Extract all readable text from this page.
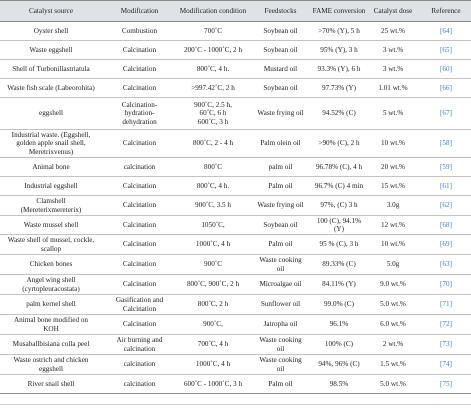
Catalyst source	Modification	Modification condition	Feedstocks	FAME conversion	Catalyst dose	Reference
Oyster shell	Combustion	700˚C	Soybean oil	>70% (Y), 5 h	25 wt.%	[64]
Waste eggshell	Calcination	200˚C - 1000˚C, 2 h	Soybean oil	95% (Y), 3 h	3 wt.%	[65]
Shell of Turbonillastriatula	Calcination	800˚C, 4 h.	Mustard oil	93.3% (Y), 6 h	3 wt.%	[60]
Waste fish scale (Labeorohita)	Calcination	>997.42˚C, 2 h	Soybean oil	97.73% (Y)	1.01 wt.%	[66]
eggshell	Calcination-
hydration-
dehydration	900˚C, 2.5 h,
60˚C, 6 h
600˚C, 3 h	Waste frying oil	94.52% (C)	5 wt.%	[67]
Industrial waste. (Eggshell,
golden apple snail shell,
Meretrixvenus)	Calcination	800˚C, 2 - 4 h	Palm olein oil	>90% (C), 2 h	10 wt.%	[58]
Animal bone	calcination	800˚C	palm oil	96.78% (C), 4 h	20 wt.%	[59]
Industrial eggshell	Calcination	800˚C, 4 h.	Palm oil	96.7% (C) 4 min	15 wt.%	[61]
Clamshell
(Mereterixmereterix)	Calcination	900˚C, 3.5 h	Waste frying oil	97%, (C) 3 h	3.0g	[62]
Waste mussel shell	Calcination	1050˚C,	Soybean oil	100 (C), 94.1% (Y)	12 wt.%	[68]
Waste shell of mussel, cockle,
scallop	Calcination	1000˚C, 4 h	Palm oil	95 % (C), 3 h	10 wt.%	[69]
Chicken bones	Calcination	900˚C	Waste cooking
oil	89.33% (C)	5.0g	[63]
Angel wing shell
(cyrtopleuracostata)	Calcination	800˚C, 900˚C, 2 h	Microalgae oil	84.11% (Y)	9.0 wt.%	[70]
palm kernel shell	Gasification and
Calcination	800˚C, 2 h	Sunflower oil	99.0% (C)	5.0 wt.%	[71]
Animal bone modified on
KOH	Calcination	900˚C,	Jatropha oil	96.1%	6.0 wt.%	[72]
Musaballbisiana colla peel	Air burning and
calcination	700˚C, 4 h	Waste cooking
oil	100% (C)	2 wt.%	[73]
Waste ostrich and chicken
eggshell	calcination	1000˚C, 4 h	Waste cooking
oil	94%, 96% (C)	1.5 wt.%	[74]
River snail shell	calcination	600˚C - 1000˚C, 3 h	Palm oil	98.5%	5.0 wt.%	[75]
